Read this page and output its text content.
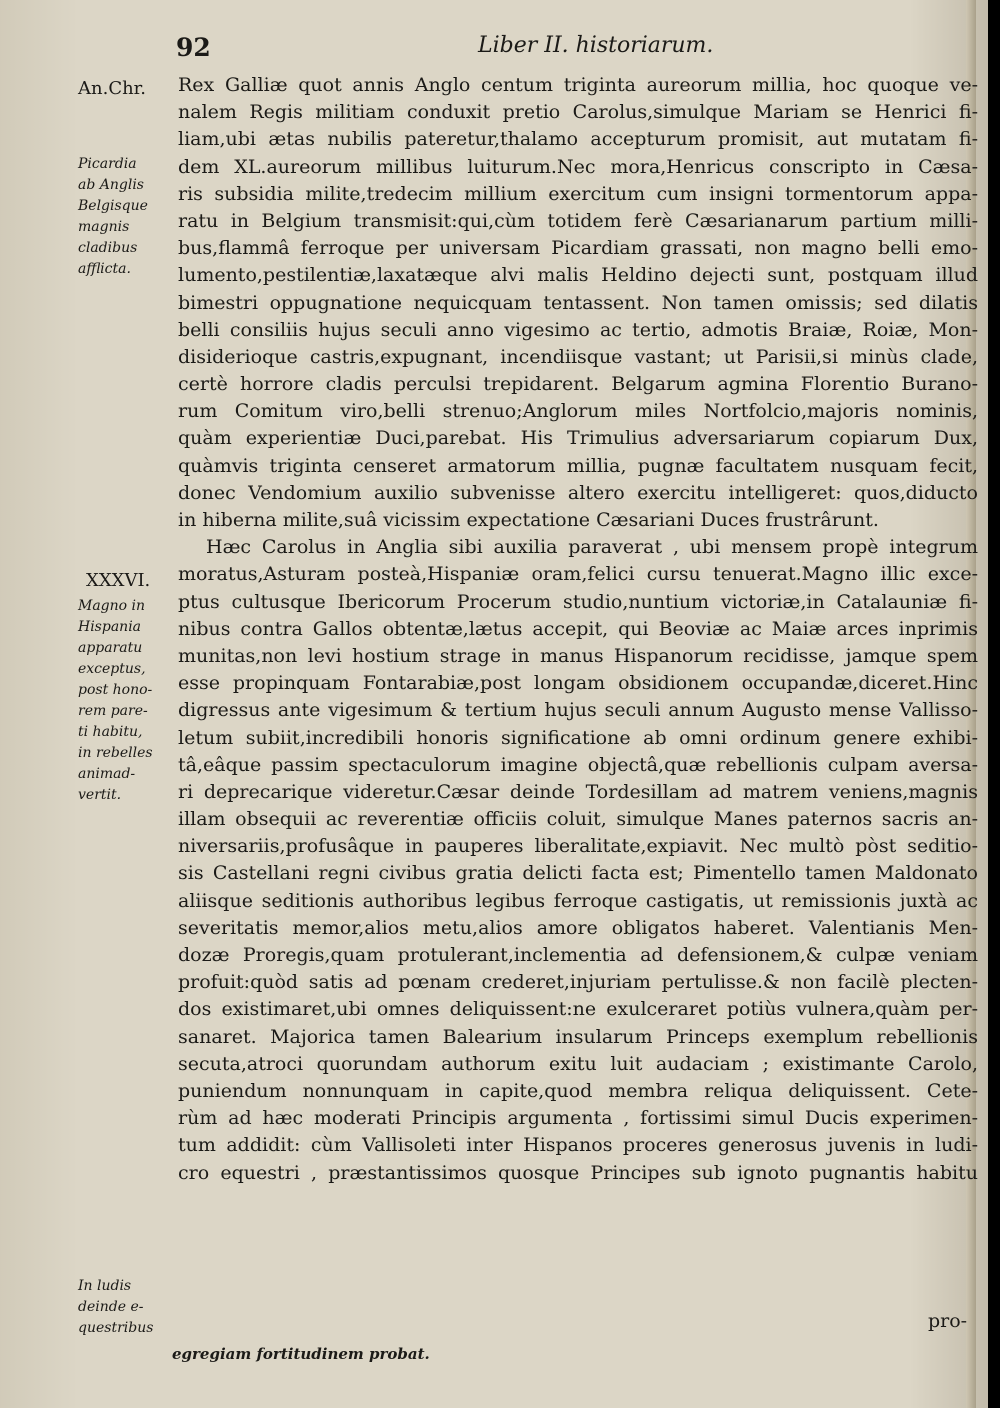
92	Liber II. historiarum.
An.Chr.
XXXVI.
Picardia
ab Anglis
Belgisque
magnis
cladibus
afflicta.
Magno in
Hispania
apparatu
exceptus,
post hono-
rem pare-
ti habitu,
in rebelles
animad-
vertit.
In ludis
deinde e-
questribus
Rex Galliæ quot annis Anglo centum triginta aureorum millia, hoc quoque ve-
nalem Regis militiam conduxit pretio Carolus,simulque Mariam se Henrici fi-
liam,ubi ætas nubilis pateretur,thalamo accepturum promisit, aut mutatam fi-
dem XL.aureorum millibus luiturum.Nec mora,Henricus conscripto in Cæsa-
ris subsidia milite,tredecim millium exercitum cum insigni tormentorum appa-
ratu in Belgium transmisit:qui,cùm totidem ferè Cæsarianarum partium milli-
bus,flammâ ferroque per universam Picardiam grassati, non magno belli emo-
lumento,pestilentiæ,laxatæque alvi malis Heldino dejecti sunt, postquam illud
bimestri oppugnatione nequicquam tentassent. Non tamen omissis; sed dilatis
belli consiliis hujus seculi anno vigesimo ac tertio, admotis Braiæ, Roiæ, Mon-
disiderioque castris,expugnant, incendiisque vastant; ut Parisii,si minùs clade,
certè horrore cladis perculsi trepidarent. Belgarum agmina Florentio Burano-
rum Comitum viro,belli strenuo;Anglorum miles Nortfolcio,majoris nominis,
quàm experientiæ Duci,parebat. His Trimulius adversariarum copiarum Dux,
quàmvis triginta censeret armatorum millia, pugnæ facultatem nusquam fecit,
donec Vendomium auxilio subvenisse altero exercitu intelligeret: quos,diducto
in hiberna milite,suâ vicissim expectatione Cæsariani Duces frustrârunt.
Hæc Carolus in Anglia sibi auxilia paraverat , ubi mensem propè integrum
moratus,Asturam posteà,Hispaniæ oram,felici cursu tenuerat.Magno illic exce-
ptus cultusque Ibericorum Procerum studio,nuntium victoriæ,in Catalauniæ fi-
nibus contra Gallos obtentæ,lætus accepit, qui Beoviæ ac Maiæ arces inprimis
munitas,non levi hostium strage in manus Hispanorum recidisse, jamque spem
esse propinquam Fontarabiæ,post longam obsidionem occupandæ,diceret.Hinc
digressus ante vigesimum & tertium hujus seculi annum Augusto mense Vallisso-
letum subiit,incredibili honoris significatione ab omni ordinum genere exhibi-
tâ,eâque passim spectaculorum imagine objectâ,quæ rebellionis culpam aversa-
ri deprecarique videretur.Cæsar deinde Tordesillam ad matrem veniens,magnis
illam obsequii ac reverentiæ officiis coluit, simulque Manes paternos sacris an-
niversariis,profusâque in pauperes liberalitate,expiavit. Nec multò pòst seditio-
sis Castellani regni civibus gratia delicti facta est; Pimentello tamen Maldonato
aliisque seditionis authoribus legibus ferroque castigatis, ut remissionis juxtà ac
severitatis memor,alios metu,alios amore obligatos haberet. Valentianis Men-
dozæ Proregis,quam protulerant,inclementia ad defensionem,& culpæ veniam
profuit:quòd satis ad pœnam crederet,injuriam pertulisse.& non facilè plecten-
dos existimaret,ubi omnes deliquissent:ne exulceraret potiùs vulnera,quàm per-
sanaret. Majorica tamen Balearium insularum Princeps exemplum rebellionis
secuta,atroci quorundam authorum exitu luit audaciam ; existimante Carolo,
puniendum nonnunquam in capite,quod membra reliqua deliquissent. Cete-
rùm ad hæc moderati Principis argumenta , fortissimi simul Ducis experimen-
tum addidit: cùm Vallisoleti inter Hispanos proceres generosus juvenis in ludi-
cro equestri , præstantissimos quosque Principes sub ignoto pugnantis habitu
pro-
egregiam fortitudinem probat.
